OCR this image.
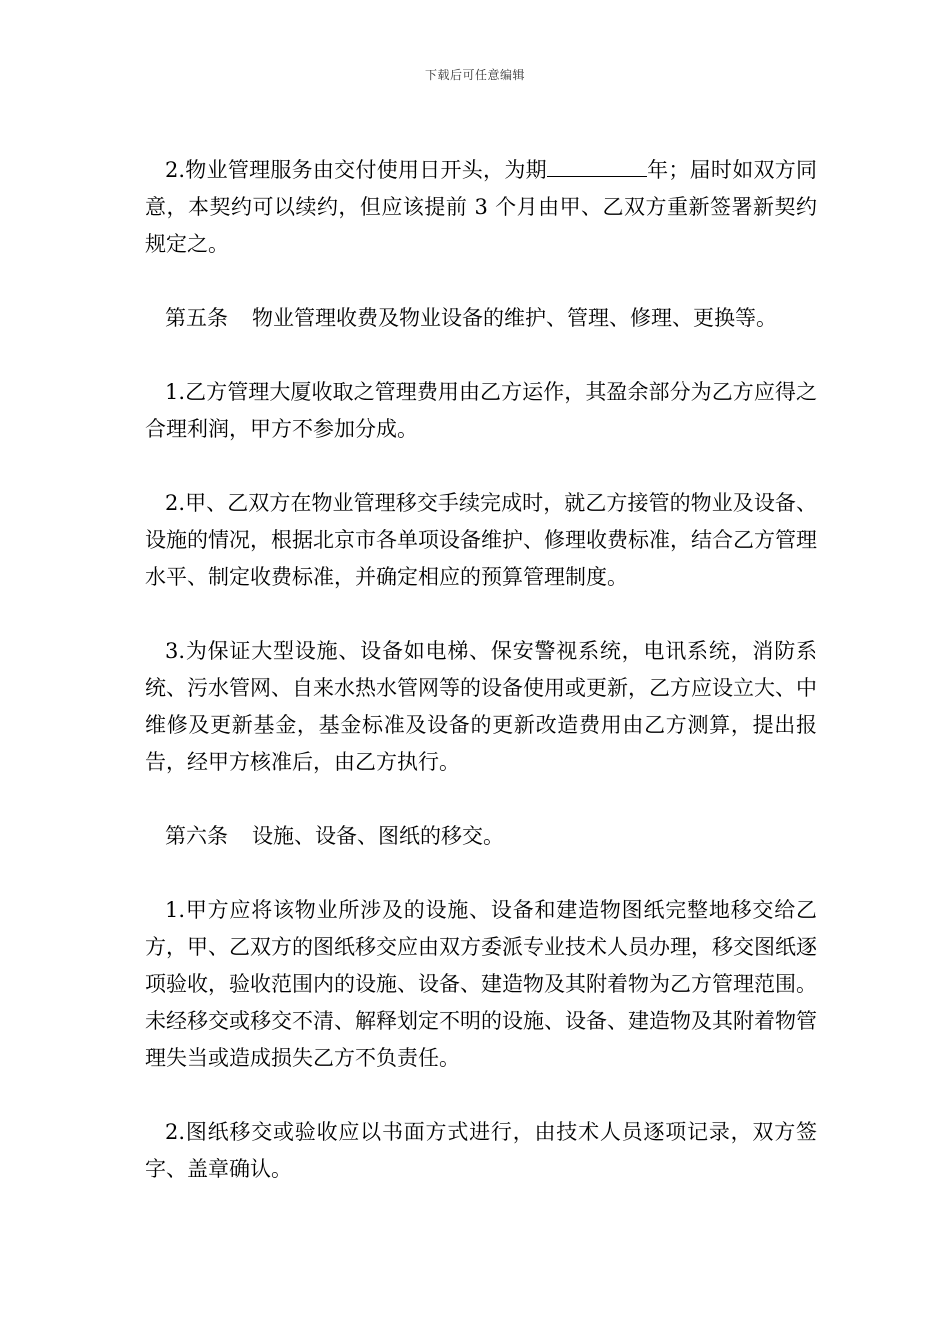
下载后可任意编辑

2.物业管理服务由交付使用日开头，为期	年；届时如双方同意，本契约可以续约，但应该提前 3 个月由甲、乙双方重新签署新契约规定之。

第五条 物业管理收费及物业设备的维护、管理、修理、更换等。

1.乙方管理大厦收取之管理费用由乙方运作，其盈余部分为乙方应得之合理利润，甲方不参加分成。

2.甲、乙双方在物业管理移交手续完成时，就乙方接管的物业及设备、设施的情况，根据北京市各单项设备维护、修理收费标准，结合乙方管理水平、制定收费标准，并确定相应的预算管理制度。

3.为保证大型设施、设备如电梯、保安警视系统，电讯系统，消防系统、污水管网、自来水热水管网等的设备使用或更新，乙方应设立大、中维修及更新基金，基金标准及设备的更新改造费用由乙方测算，提出报告，经甲方核准后，由乙方执行。

第六条 设施、设备、图纸的移交。

1.甲方应将该物业所涉及的设施、设备和建造物图纸完整地移交给乙方，甲、乙双方的图纸移交应由双方委派专业技术人员办理，移交图纸逐项验收，验收范围内的设施、设备、建造物及其附着物为乙方管理范围。未经移交或移交不清、解释划定不明的设施、设备、建造物及其附着物管理失当或造成损失乙方不负责任。

2.图纸移交或验收应以书面方式进行，由技术人员逐项记录，双方签字、盖章确认。
